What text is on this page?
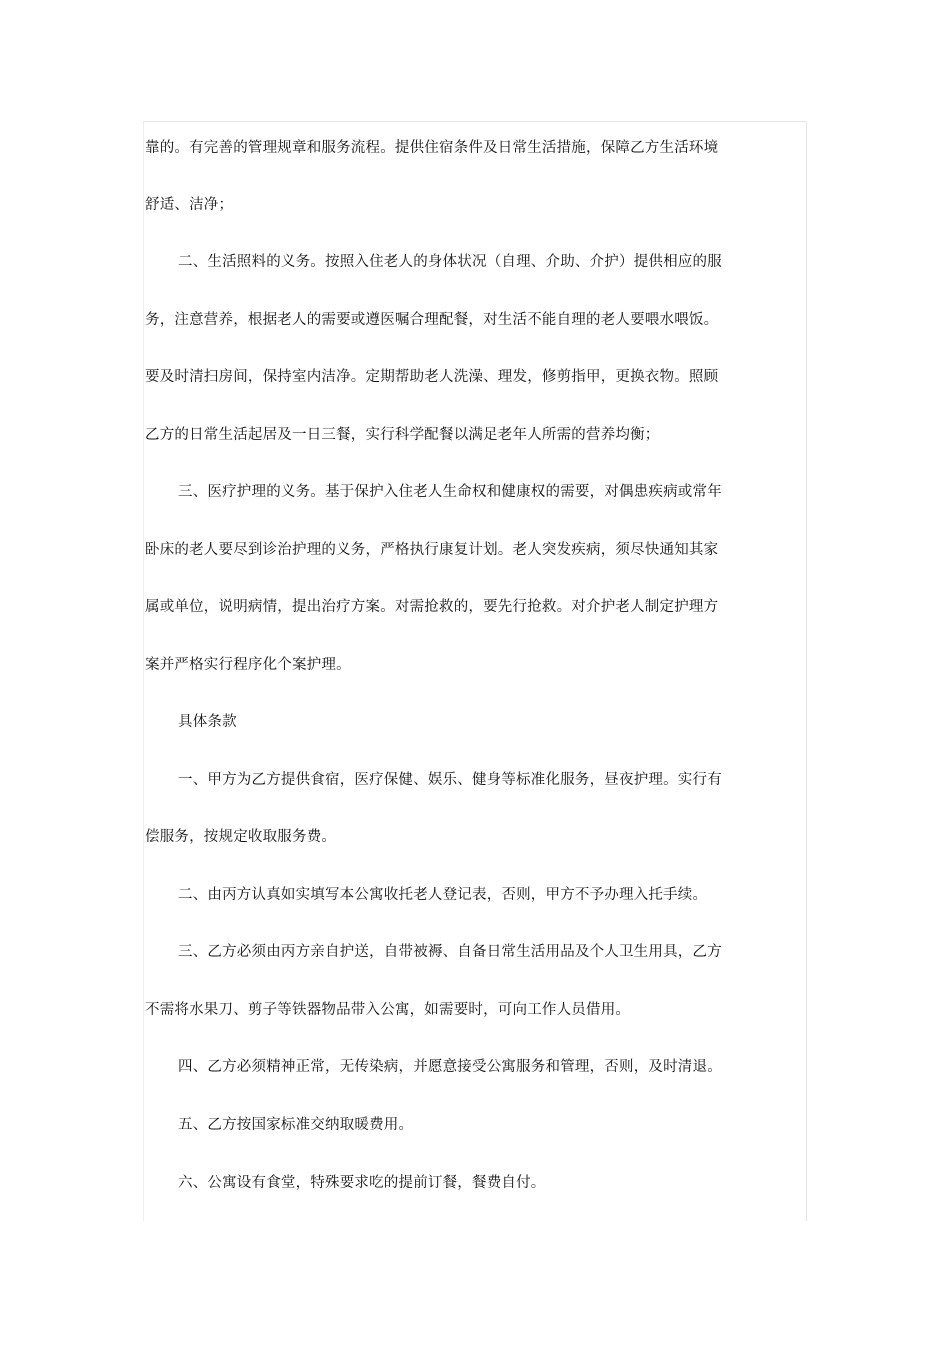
靠的。有完善的管理规章和服务流程。提供住宿条件及日常生活措施，保障乙方生活环境
舒适、洁净；
二、生活照料的义务。按照入住老人的身体状况（自理、介助、介护）提供相应的服
务，注意营养，根据老人的需要或遵医嘱合理配餐，对生活不能自理的老人要喂水喂饭。
要及时清扫房间，保持室内洁净。定期帮助老人洗澡、理发，修剪指甲，更换衣物。照顾
乙方的日常生活起居及一日三餐，实行科学配餐以满足老年人所需的营养均衡；
三、医疗护理的义务。基于保护入住老人生命权和健康权的需要，对偶患疾病或常年
卧床的老人要尽到诊治护理的义务，严格执行康复计划。老人突发疾病，须尽快通知其家
属或单位，说明病情，提出治疗方案。对需抢救的，要先行抢救。对介护老人制定护理方
案并严格实行程序化个案护理。
具体条款
一、甲方为乙方提供食宿，医疗保健、娱乐、健身等标准化服务，昼夜护理。实行有
偿服务，按规定收取服务费。
二、由丙方认真如实填写本公寓收托老人登记表，否则，甲方不予办理入托手续。
三、乙方必须由丙方亲自护送，自带被褥、自备日常生活用品及个人卫生用具，乙方
不需将水果刀、剪子等铁器物品带入公寓，如需要时，可向工作人员借用。
四、乙方必须精神正常，无传染病，并愿意接受公寓服务和管理，否则，及时清退。
五、乙方按国家标准交纳取暖费用。
六、公寓设有食堂，特殊要求吃的提前订餐，餐费自付。
